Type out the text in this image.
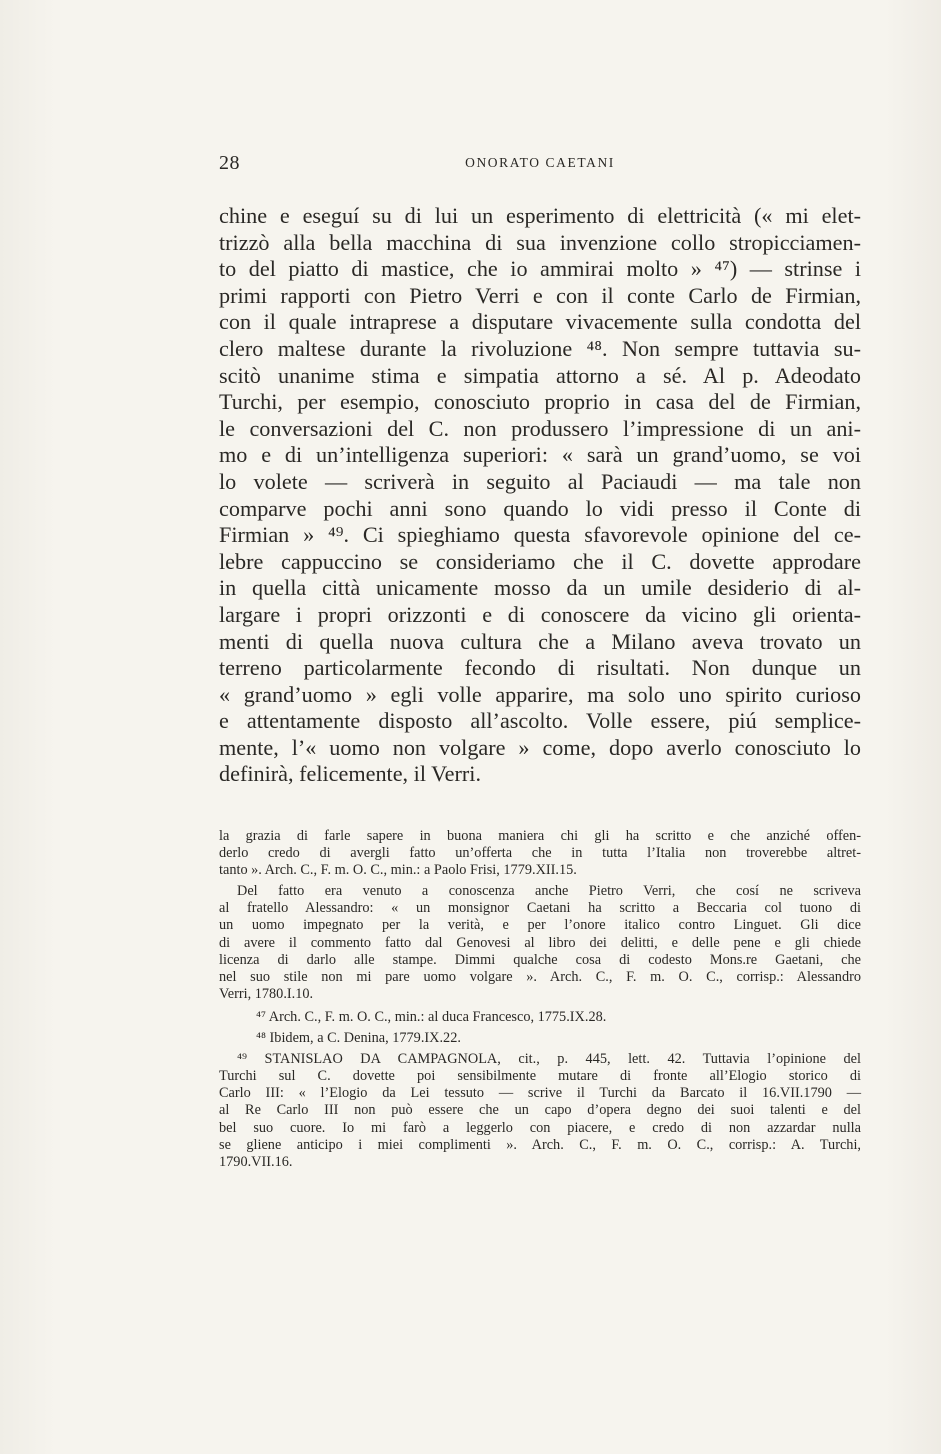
28	ONORATO CAETANI
chine e eseguí su di lui un esperimento di elettricità (« mi elet-
trizzò alla bella macchina di sua invenzione collo stropicciamen-
to del piatto di mastice, che io ammirai molto » ⁴⁷) — strinse i
primi rapporti con Pietro Verri e con il conte Carlo de Firmian,
con il quale intraprese a disputare vivacemente sulla condotta del
clero maltese durante la rivoluzione ⁴⁸. Non sempre tuttavia su-
scitò unanime stima e simpatia attorno a sé. Al p. Adeodato
Turchi, per esempio, conosciuto proprio in casa del de Firmian,
le conversazioni del C. non produssero l’impressione di un ani-
mo e di un’intelligenza superiori: « sarà un grand’uomo, se voi
lo volete — scriverà in seguito al Paciaudi — ma tale non
comparve pochi anni sono quando lo vidi presso il Conte di
Firmian » ⁴⁹. Ci spieghiamo questa sfavorevole opinione del ce-
lebre cappuccino se consideriamo che il C. dovette approdare
in quella città unicamente mosso da un umile desiderio di al-
largare i propri orizzonti e di conoscere da vicino gli orienta-
menti di quella nuova cultura che a Milano aveva trovato un
terreno particolarmente fecondo di risultati. Non dunque un
« grand’uomo » egli volle apparire, ma solo uno spirito curioso
e attentamente disposto all’ascolto. Volle essere, piú semplice-
mente, l’« uomo non volgare » come, dopo averlo conosciuto lo
definirà, felicemente, il Verri.
la grazia di farle sapere in buona maniera chi gli ha scritto e che anziché offen-
derlo credo di avergli fatto un’offerta che in tutta l’Italia non troverebbe altret-
tanto ». Arch. C., F. m. O. C., min.: a Paolo Frisi, 1779.XII.15.
Del fatto era venuto a conoscenza anche Pietro Verri, che cosí ne scriveva
al fratello Alessandro: « un monsignor Caetani ha scritto a Beccaria col tuono di
un uomo impegnato per la verità, e per l’onore italico contro Linguet. Gli dice
di avere il commento fatto dal Genovesi al libro dei delitti, e delle pene e gli chiede
licenza di darlo alle stampe. Dimmi qualche cosa di codesto Mons.re Gaetani, che
nel suo stile non mi pare uomo volgare ». Arch. C., F. m. O. C., corrisp.: Alessandro
Verri, 1780.I.10.
⁴⁷ Arch. C., F. m. O. C., min.: al duca Francesco, 1775.IX.28.
⁴⁸ Ibidem, a C. Denina, 1779.IX.22.
⁴⁹ STANISLAO DA CAMPAGNOLA, cit., p. 445, lett. 42. Tuttavia l’opinione del
Turchi sul C. dovette poi sensibilmente mutare di fronte all’Elogio storico di
Carlo III: « l’Elogio da Lei tessuto — scrive il Turchi da Barcato il 16.VII.1790 —
al Re Carlo III non può essere che un capo d’opera degno dei suoi talenti e del
bel suo cuore. Io mi farò a leggerlo con piacere, e credo di non azzardar nulla
se gliene anticipo i miei complimenti ». Arch. C., F. m. O. C., corrisp.: A. Turchi,
1790.VII.16.
